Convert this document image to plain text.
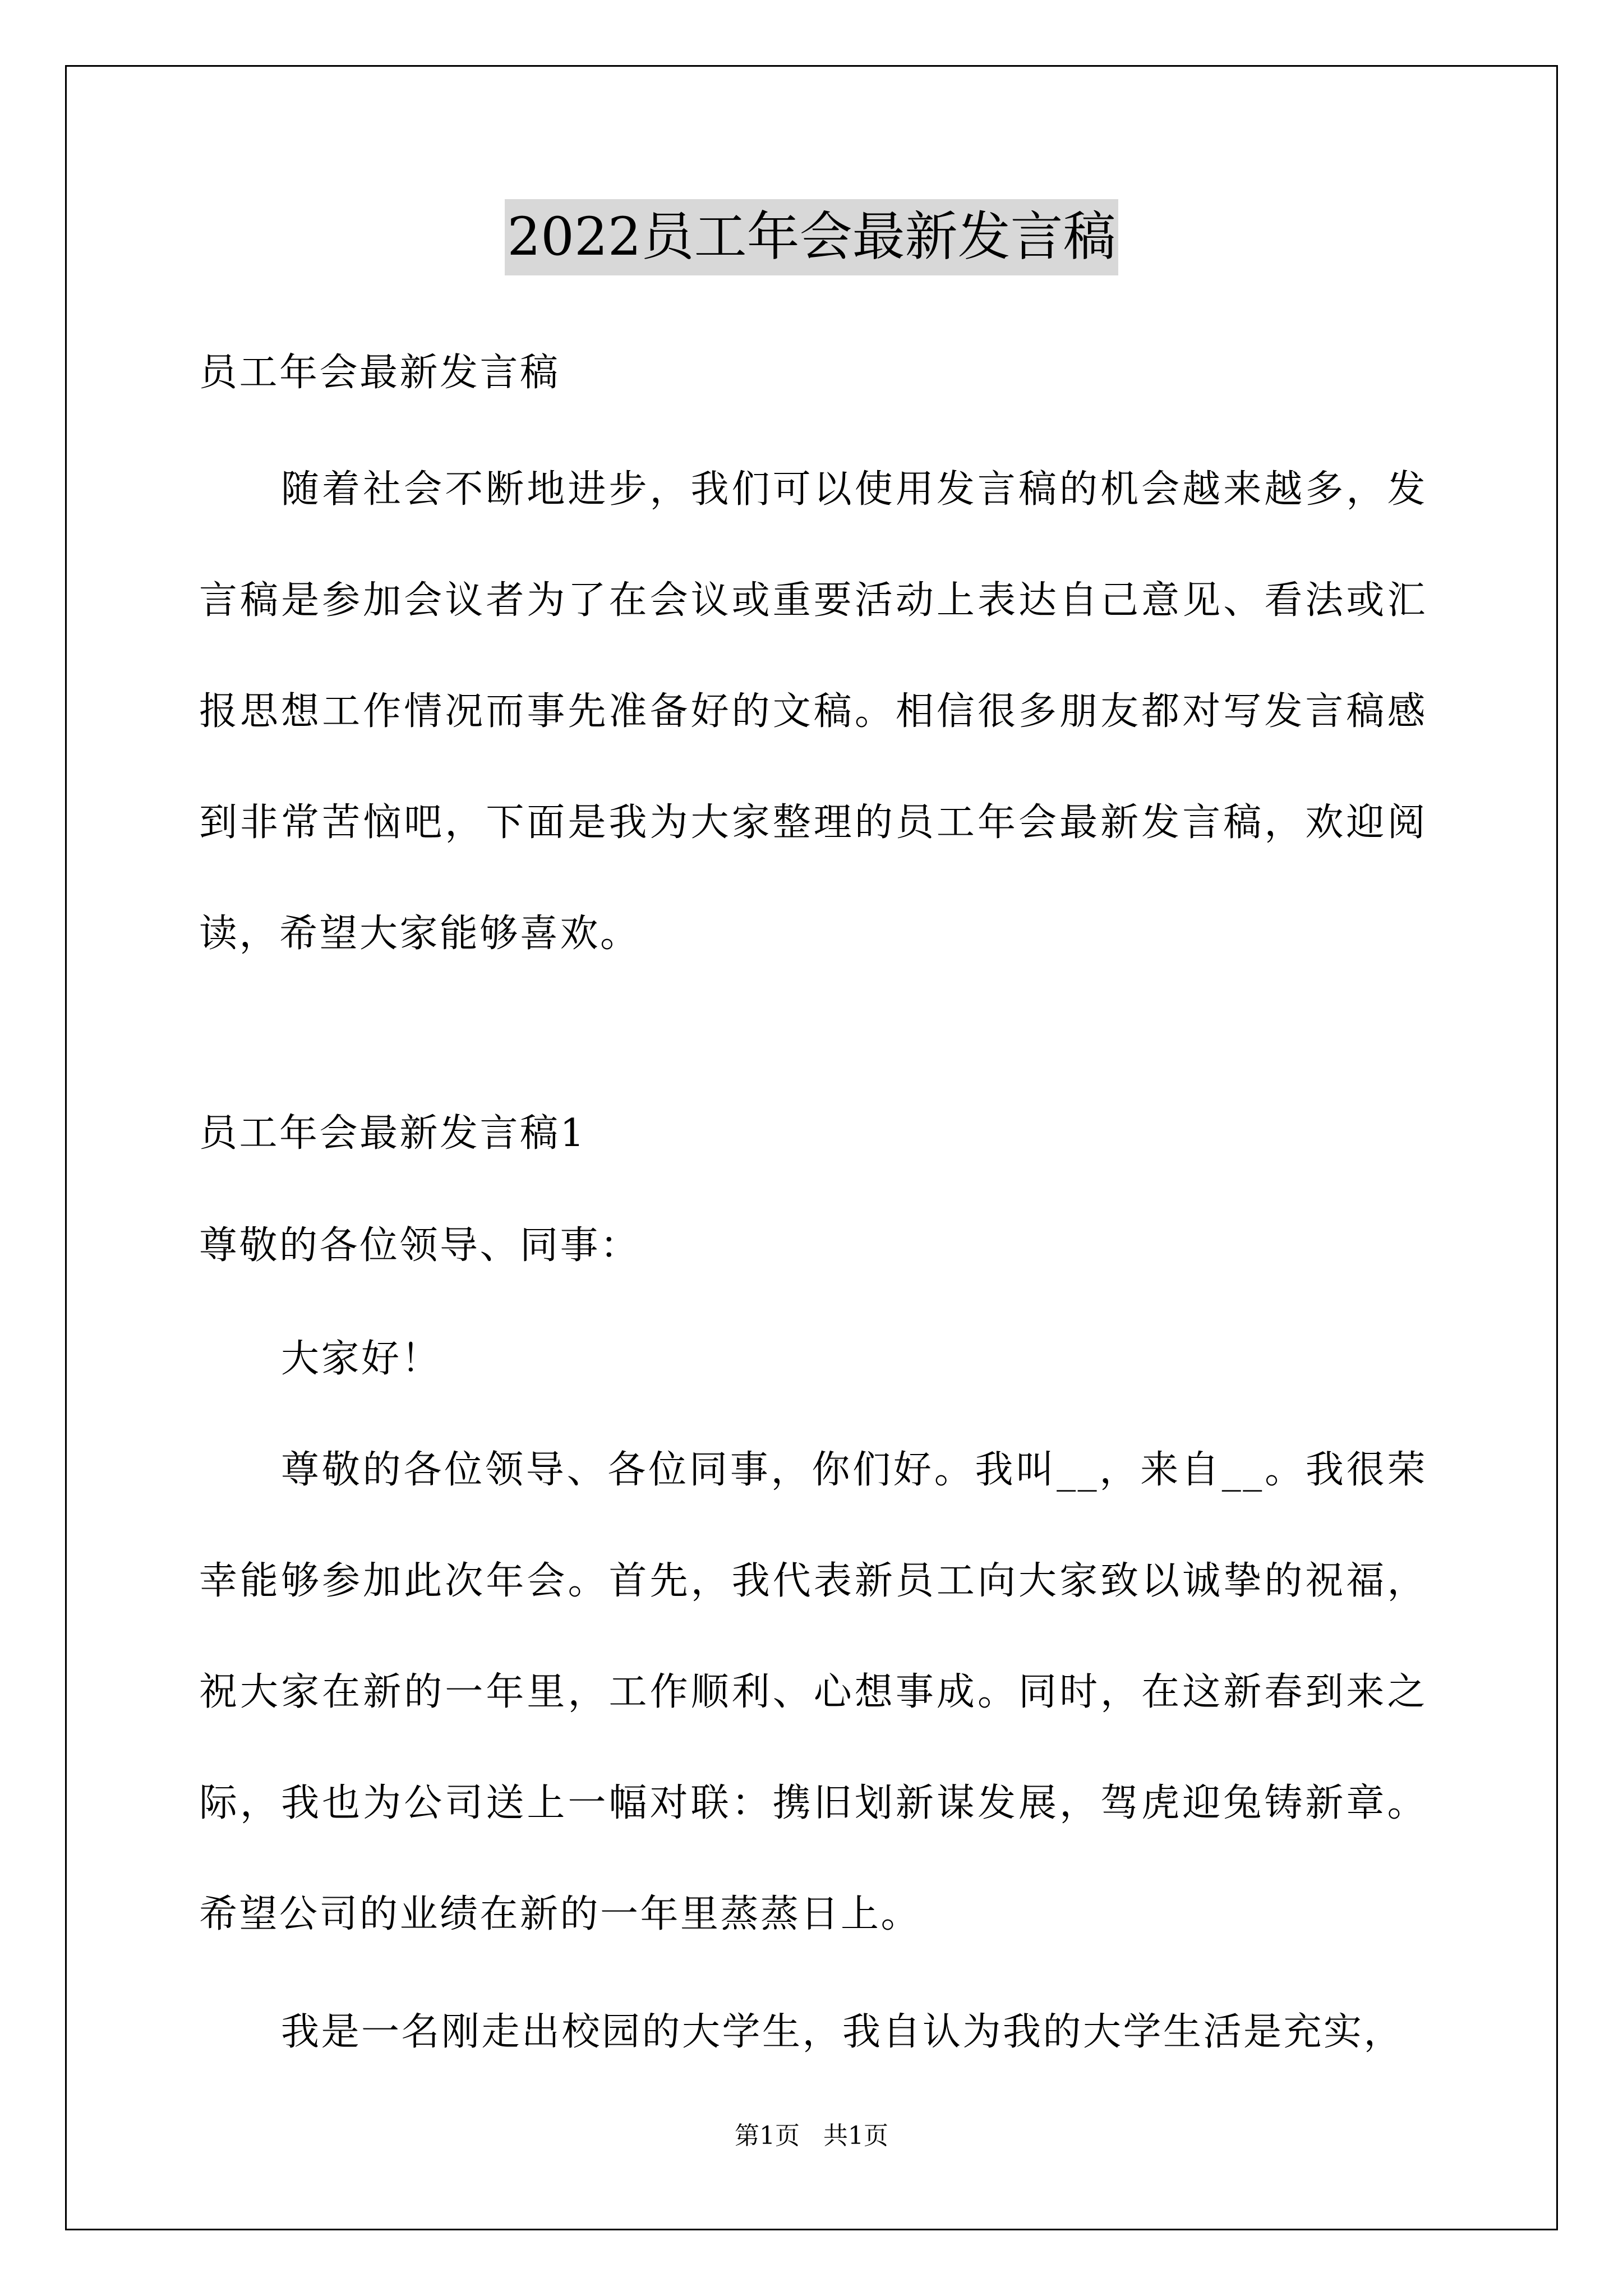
2022员工年会最新发言稿
员工年会最新发言稿
随着社会不断地进步，我们可以使用发言稿的机会越来越多，发言稿是参加会议者为了在会议或重要活动上表达自己意见、看法或汇报思想工作情况而事先准备好的文稿。相信很多朋友都对写发言稿感到非常苦恼吧，下面是我为大家整理的员工年会最新发言稿，欢迎阅读，希望大家能够喜欢。
员工年会最新发言稿1
尊敬的各位领导、同事：
大家好！
尊敬的各位领导、各位同事，你们好。我叫__，来自__。我很荣幸能够参加此次年会。首先，我代表新员工向大家致以诚挚的祝福，祝大家在新的一年里，工作顺利、心想事成。同时，在这新春到来之际，我也为公司送上一幅对联：携旧划新谋发展，驾虎迎兔铸新章。希望公司的业绩在新的一年里蒸蒸日上。
我是一名刚走出校园的大学生，我自认为我的大学生活是充实，
第1页   共1页
